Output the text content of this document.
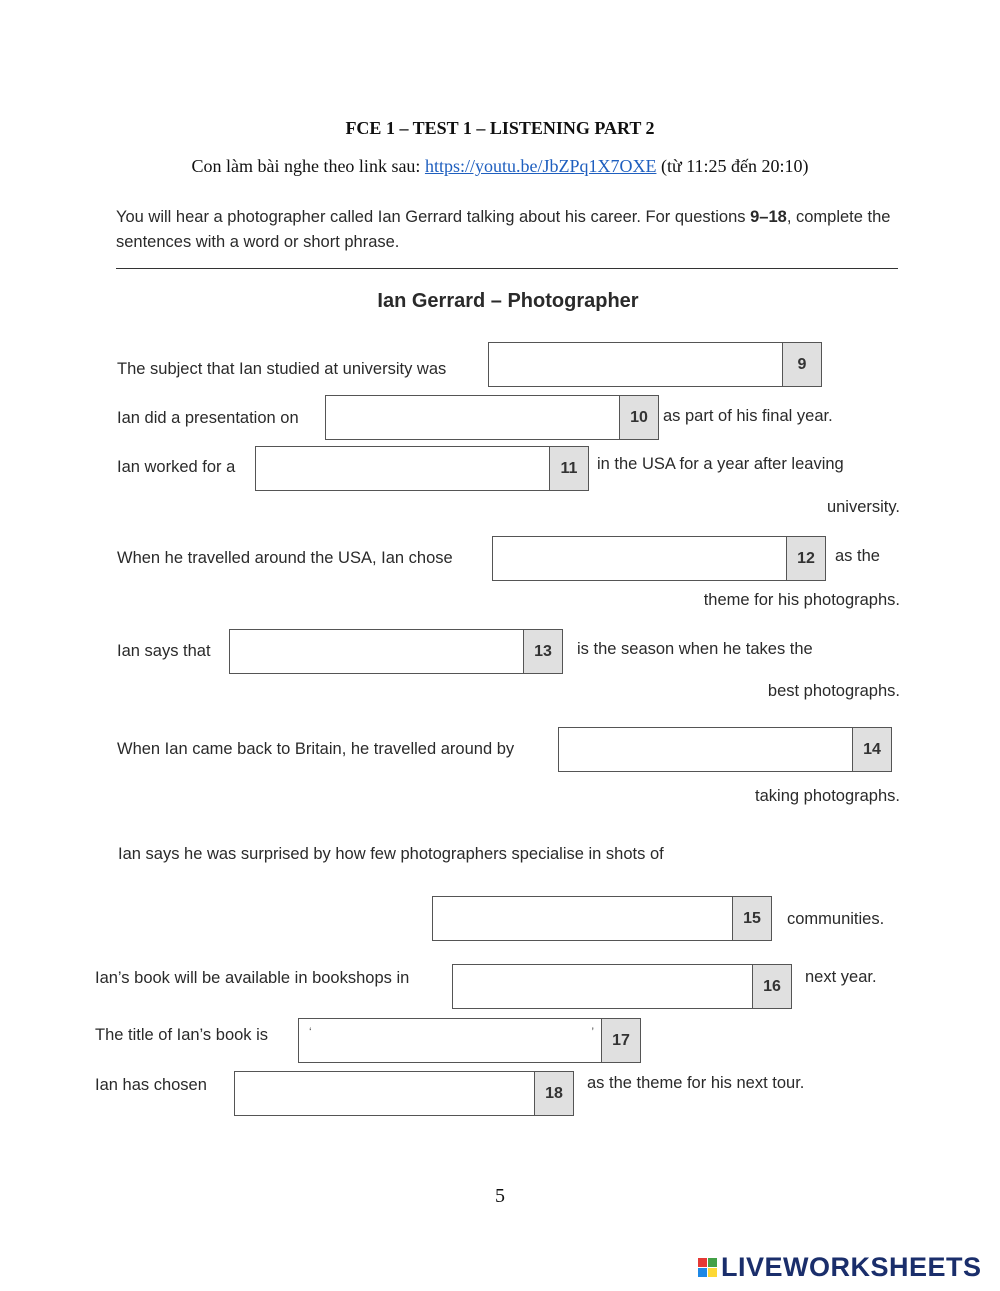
FCE 1 – TEST 1 – LISTENING PART 2
Con làm bài nghe theo link sau: https://youtu.be/JbZPq1X7OXE (từ 11:25 đến 20:10)
You will hear a photographer called Ian Gerrard talking about his career. For questions 9–18, complete the sentences with a word or short phrase.
Ian Gerrard – Photographer
The subject that Ian studied at university was	9
Ian did a presentation on	10 as part of his final year.
Ian worked for a	11	in the USA for a year after leaving
university.
When he travelled around the USA, Ian chose	12	as the
theme for his photographs.
Ian says that	13	is the season when he takes the
best photographs.
When Ian came back to Britain, he travelled around by	14
taking photographs.
Ian says he was surprised by how few photographers specialise in shots of
15	communities.
Ian’s book will be available in bookshops in	16	next year.
The title of Ian’s book is	‘	’	17
Ian has chosen	18
as the theme for his next tour.
5
LIVEWORKSHEETS
